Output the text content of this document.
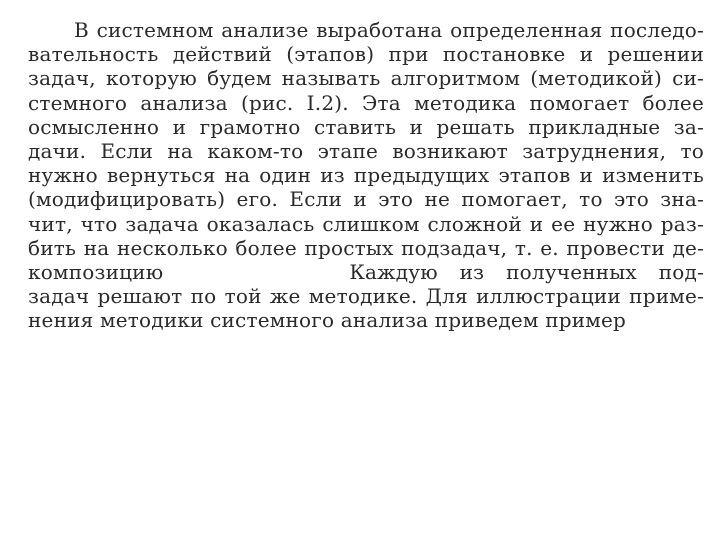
В системном анализе выработана определенная последо-
вательность действий (этапов) при постановке и решении
задач, которую будем называть алгоритмом (методикой) си-
стемного анализа (рис. I.2). Эта методика помогает более
осмысленно и грамотно ставить и решать прикладные за-
дачи. Если на каком-то этапе возникают затруднения, то
нужно вернуться на один из предыдущих этапов и изменить
(модифицировать) его. Если и это не помогает, то это зна-
чит, что задача оказалась слишком сложной и ее нужно раз-
бить на несколько более простых подзадач, т. е. провести де-
композицию	Каждую из полученных под-
задач решают по той же методике. Для иллюстрации приме-
нения методики системного анализа приведем пример
